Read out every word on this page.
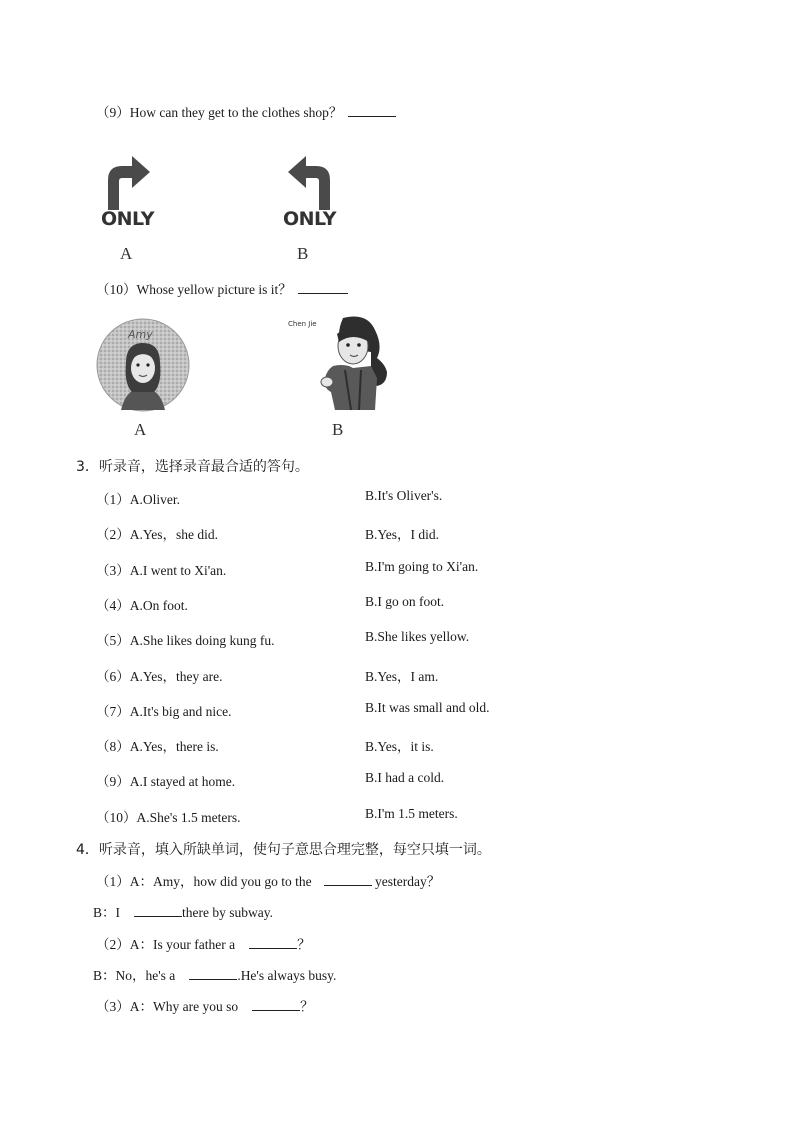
（9）How can they get to the clothes shop？
ONLY
A
ONLY
B
（10）Whose yellow picture is it？
Amy
A
Chen Jie
B
3．听录音，选择录音最合适的答句。
（1）A.Oliver.	B.It's Oliver's.
（2）A.Yes，she did.	B.Yes，I did.
（3）A.I went to Xi'an.	B.I'm going to Xi'an.
（4）A.On foot.	B.I go on foot.
（5）A.She likes doing kung fu.	B.She likes yellow.
（6）A.Yes，they are.	B.Yes，I am.
（7）A.It's big and nice.	B.It was small and old.
（8）A.Yes，there is.	B.Yes，it is.
（9）A.I stayed at home.	B.I had a cold.
（10）A.She's 1.5 meters.	B.I'm 1.5 meters.
4．听录音，填入所缺单词，使句子意思合理完整，每空只填一词。
（1）A：Amy，how did you go to the	yesterday？
B：I	there by subway.
（2）A：Is your father a	？
B：No，he's a	.He's always busy.
（3）A：Why are you so	？
